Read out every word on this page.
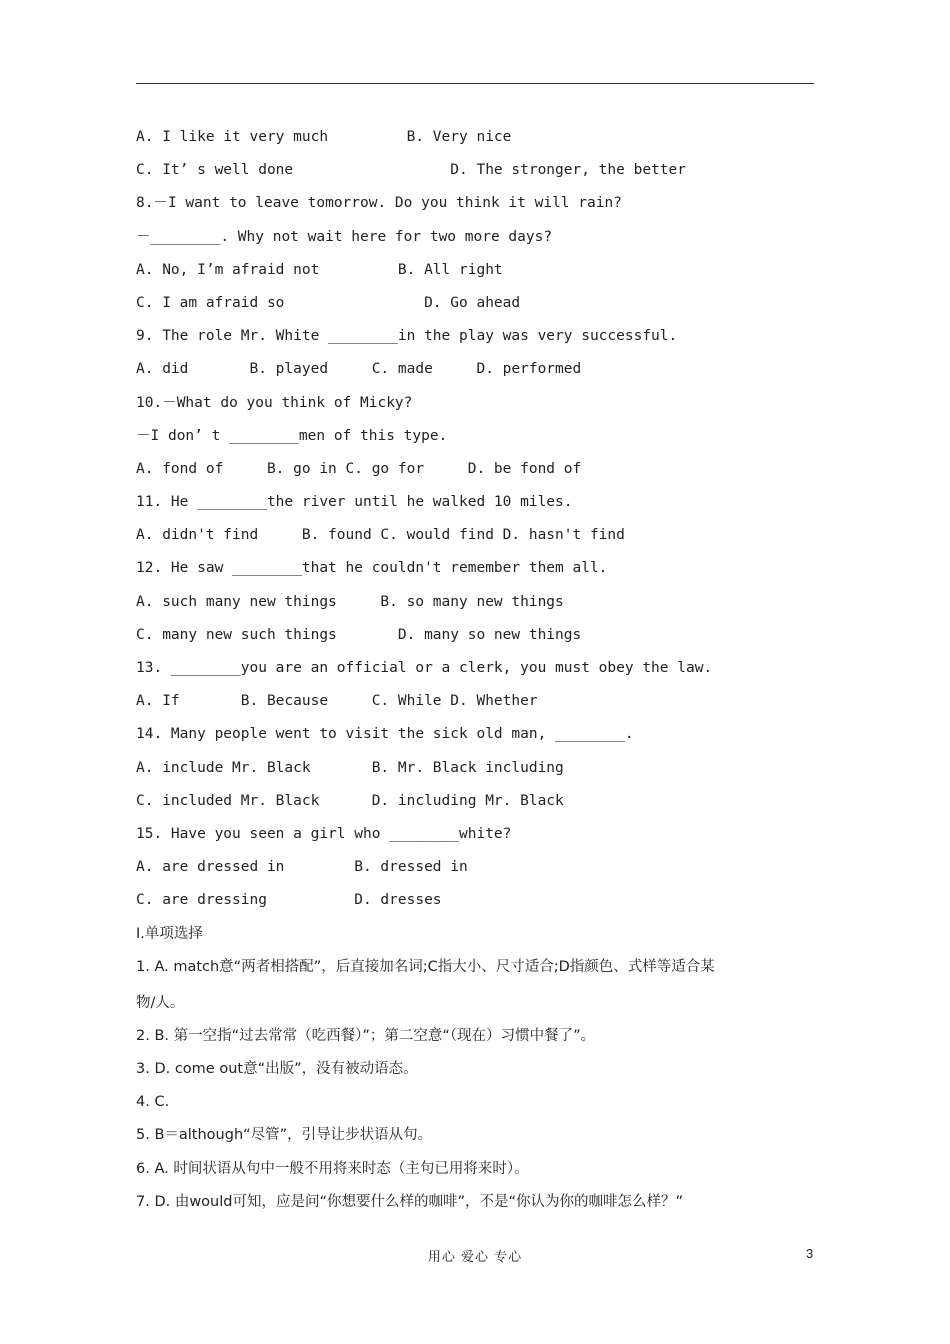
A. I like it very much         B. Very nice
C. It’ s well done                  D. The stronger, the better
8.－I want to leave tomorrow. Do you think it will rain?
－________. Why not wait here for two more days?
A. No, I’m afraid not         B. All right
C. I am afraid so                D. Go ahead
9. The role Mr. White ________in the play was very successful.
A. did       B. played     C. made     D. performed
10.－What do you think of Micky?
－I don’ t ________men of this type.
A. fond of     B. go in C. go for     D. be fond of
11. He ________the river until he walked 10 miles.
A. didn't find     B. found C. would find D. hasn't find
12. He saw ________that he couldn't remember them all.
A. such many new things     B. so many new things
C. many new such things       D. many so new things
13. ________you are an official or a clerk, you must obey the law.
A. If       B. Because     C. While D. Whether
14. Many people went to visit the sick old man, ________.
A. include Mr. Black       B. Mr. Black including
C. included Mr. Black      D. including Mr. Black
15. Have you seen a girl who ________white?
A. are dressed in        B. dressed in
C. are dressing          D. dresses
Ⅰ.单项选择
1. A. match意“两者相搭配”，后直接加名词;C指大小、尺寸适合;D指颜色、式样等适合某
物/人。
2. B. 第一空指“过去常常（吃西餐）”；第二空意“（现在）习惯中餐了”。
3. D. come out意“出版”，没有被动语态。
4. C.
5. B＝although“尽管”，引导让步状语从句。
6. A. 时间状语从句中一般不用将来时态（主句已用将来时）。
7. D. 由would可知，应是问“你想要什么样的咖啡”，不是“你认为你的咖啡怎么样？”
用心 爱心 专心	3
